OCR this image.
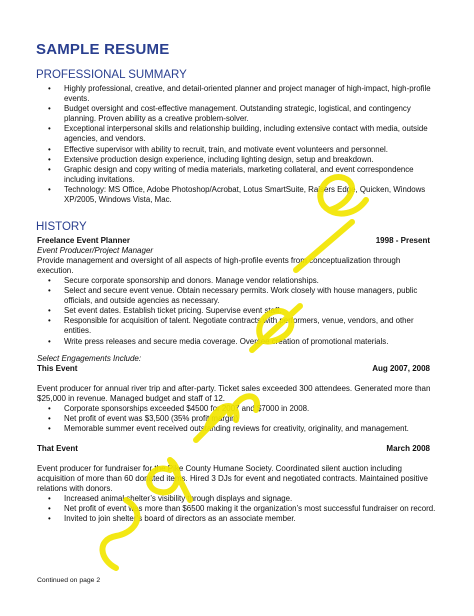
SAMPLE RESUME
PROFESSIONAL SUMMARY
• Highly professional, creative, and detail-oriented planner and project manager of high-impact, high-profile events.
• Budget oversight and cost-effective management. Outstanding strategic, logistical, and contingency planning. Proven ability as a creative problem-solver.
• Exceptional interpersonal skills and relationship building, including extensive contact with media, outside agencies, and vendors.
• Effective supervisor with ability to recruit, train, and motivate event volunteers and personnel.
• Extensive production design experience, including lighting design, setup and breakdown.
• Graphic design and copy writing of media materials, marketing collateral, and event correspondence including invitations.
• Technology: MS Office, Adobe Photoshop/Acrobat, Lotus SmartSuite, Raisers Edge, Quicken, Windows XP/2005, Windows Vista, Mac.
HISTORY
Freelance Event Planner	1998 - Present
Event Producer/Project Manager
Provide management and oversight of all aspects of high-profile events from conceptualization through execution.
• Secure corporate sponsorship and donors. Manage vendor relationships.
• Select and secure event venue. Obtain necessary permits. Work closely with house managers, public officials, and outside agencies as necessary.
• Set event dates. Establish ticket pricing. Supervise event staff.
• Responsible for acquisition of talent. Negotiate contracts with performers, venue, vendors, and other entities.
• Write press releases and secure media coverage. Oversee creation of promotional materials.
Select Engagements Include:
This Event	Aug 2007, 2008
Event producer for annual river trip and after-party. Ticket sales exceeded 300 attendees. Generated more than $25,000 in revenue. Managed budget and staff of 12.
• Corporate sponsorships exceeded $4500 for 2007 and $7000 in 2008.
• Net profit of event was $3,500 (35% profit margin)
• Memorable summer event received outstanding reviews for creativity, originality, and management.
That Event	March 2008
Event producer for fundraiser for the Pike County Humane Society. Coordinated silent auction including acquisition of more than 60 donated items. Hired 3 DJs for event and negotiated contracts. Maintained positive relations with donors.
• Increased animal shelter’s visibility through displays and signage.
• Net profit of event was more than $6500 making it the organization’s most successful fundraiser on record.
• Invited to join shelter’s board of directors as an associate member.
Continued on page 2
